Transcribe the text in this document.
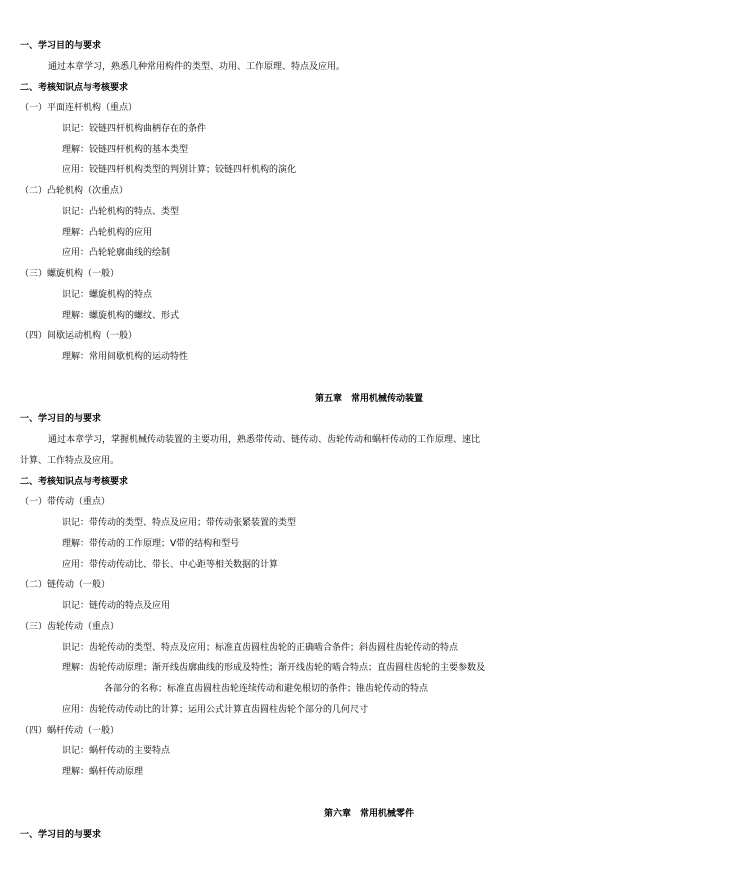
一、学习目的与要求
通过本章学习，熟悉几种常用构件的类型、功用、工作原理、特点及应用。
二、考核知识点与考核要求
（一）平面连杆机构（重点）
识记：铰链四杆机构曲柄存在的条件
理解：铰链四杆机构的基本类型
应用：铰链四杆机构类型的判别计算；铰链四杆机构的演化
（二）凸轮机构（次重点）
识记：凸轮机构的特点、类型
理解：凸轮机构的应用
应用：凸轮轮廓曲线的绘制
（三）螺旋机构（一般）
识记：螺旋机构的特点
理解：螺旋机构的螺纹、形式
（四）间歇运动机构（一般）
理解：常用间歇机构的运动特性
第五章　常用机械传动装置
一、学习目的与要求
通过本章学习，掌握机械传动装置的主要功用，熟悉带传动、链传动、齿轮传动和蜗杆传动的工作原理、速比
计算、工作特点及应用。
二、考核知识点与考核要求
（一）带传动（重点）
识记：带传动的类型、特点及应用；带传动张紧装置的类型
理解：带传动的工作原理；V带的结构和型号
应用：带传动传动比、带长、中心距等相关数据的计算
（二）链传动（一般）
识记：链传动的特点及应用
（三）齿轮传动（重点）
识记：齿轮传动的类型、特点及应用；标准直齿圆柱齿轮的正确啮合条件；斜齿圆柱齿轮传动的特点
理解：齿轮传动原理；渐开线齿廓曲线的形成及特性；渐开线齿轮的啮合特点；直齿圆柱齿轮的主要参数及
各部分的名称；标准直齿圆柱齿轮连续传动和避免根切的条件；锥齿轮传动的特点
应用：齿轮传动传动比的计算；运用公式计算直齿圆柱齿轮个部分的几何尺寸
（四）蜗杆传动（一般）
识记：蜗杆传动的主要特点
理解：蜗杆传动原理
第六章　常用机械零件
一、学习目的与要求
